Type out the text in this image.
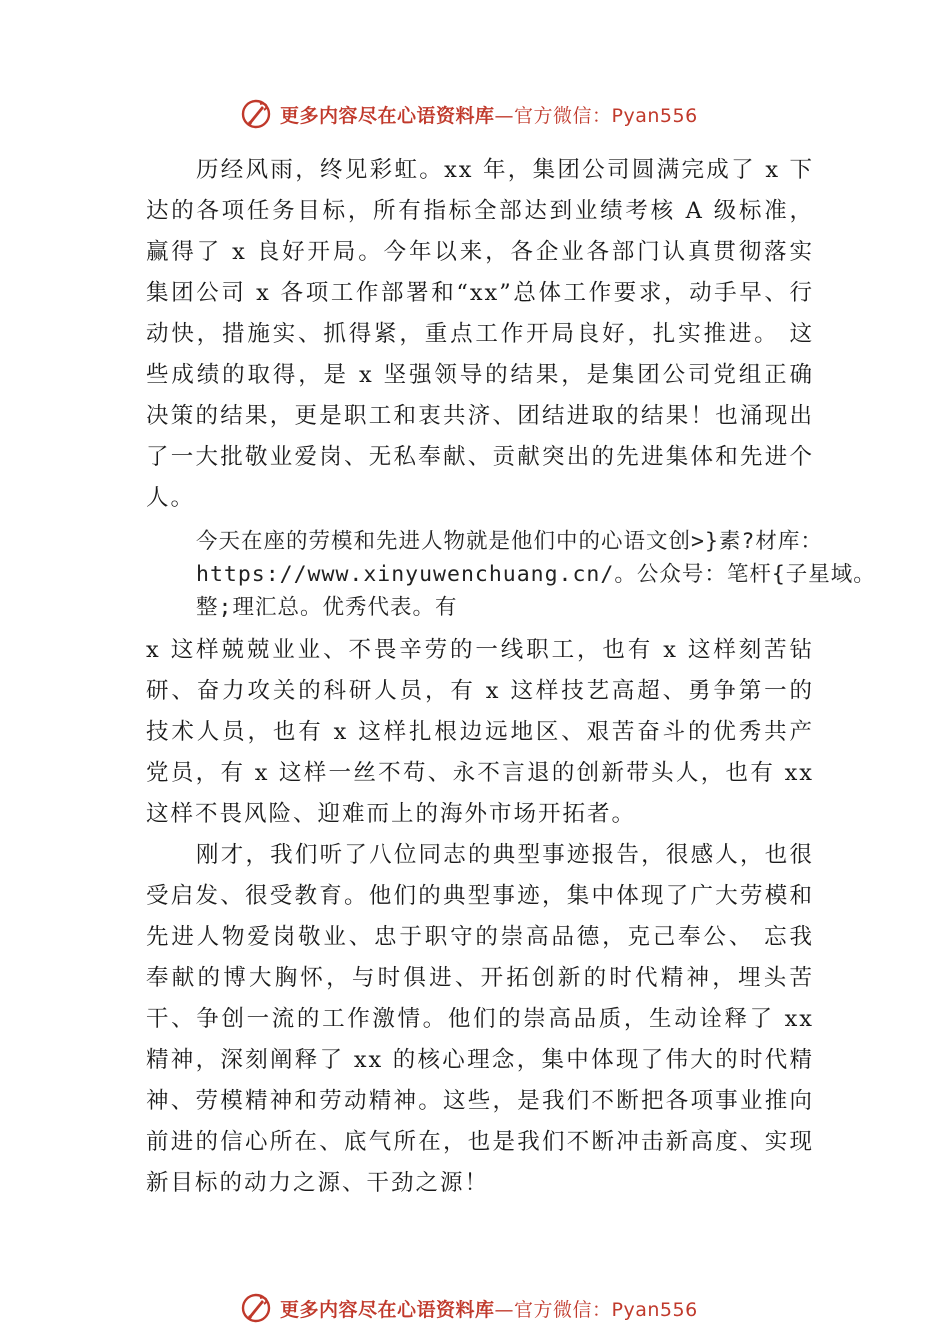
更多内容尽在心语资料库 —官方微信：Pyan556

历经风雨，终见彩虹。xx 年，集团公司圆满完成了 x 下达的各项任务目标，所有指标全部达到业绩考核 A 级标准，赢得了 x 良好开局。今年以来，各企业各部门认真贯彻落实集团公司 x 各项工作部署和“xx”总体工作要求，动手早、行动快，措施实、抓得紧，重点工作开局良好，扎实推进。 这些成绩的取得，是 x 坚强领导的结果，是集团公司党组正确决策的结果，更是职工和衷共济、团结进取的结果！也涌现出了一大批敬业爱岗、无私奉献、贡献突出的先进集体和先进个人。

今天在座的劳模和先进人物就是他们中的心语文创>}素?材库：https://www.xinyuwenchuang.cn/。公众号：笔杆{子星域。整;理汇总。优秀代表。有

x 这样兢兢业业、不畏辛劳的一线职工，也有 x 这样刻苦钻研、奋力攻关的科研人员，有 x 这样技艺高超、勇争第一的技术人员，也有 x 这样扎根边远地区、艰苦奋斗的优秀共产党员，有 x 这样一丝不苟、永不言退的创新带头人，也有 xx 这样不畏风险、迎难而上的海外市场开拓者。

刚才，我们听了八位同志的典型事迹报告，很感人，也很受启发、很受教育。他们的典型事迹，集中体现了广大劳模和先进人物爱岗敬业、忠于职守的崇高品德，克己奉公、 忘我奉献的博大胸怀，与时俱进、开拓创新的时代精神，埋头苦干、争创一流的工作激情。他们的崇高品质，生动诠释了 xx 精神，深刻阐释了 xx 的核心理念，集中体现了伟大的时代精神、劳模精神和劳动精神。这些，是我们不断把各项事业推向前进的信心所在、底气所在，也是我们不断冲击新高度、实现新目标的动力之源、干劲之源！

更多内容尽在心语资料库 —官方微信：Pyan556
